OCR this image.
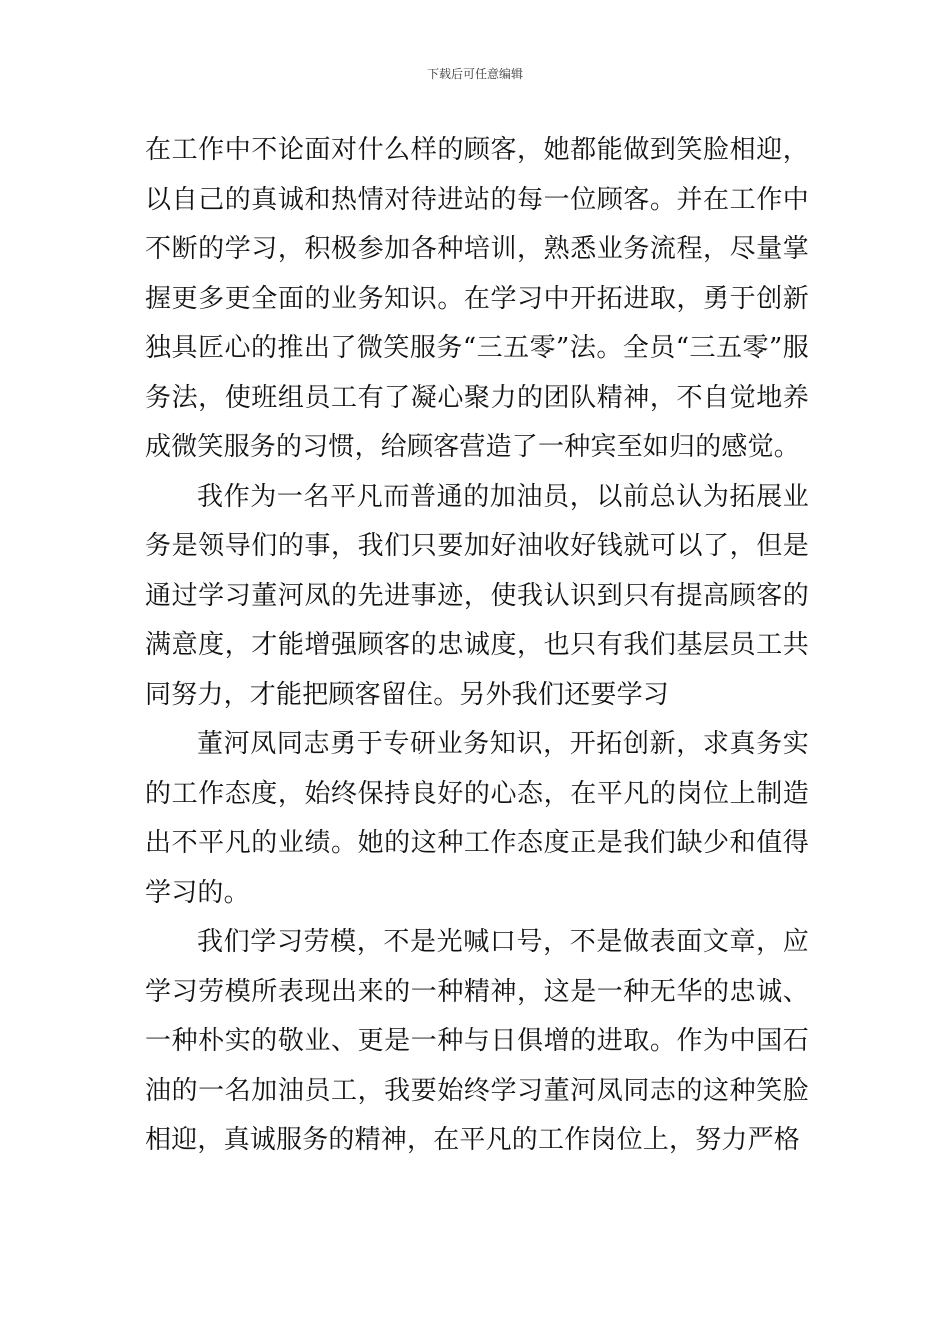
下载后可任意编辑

在工作中不论面对什么样的顾客，她都能做到笑脸相迎，以自己的真诚和热情对待进站的每一位顾客。并在工作中不断的学习，积极参加各种培训，熟悉业务流程，尽量掌握更多更全面的业务知识。在学习中开拓进取，勇于创新独具匠心的推出了微笑服务“三五零”法。全员“三五零”服务法，使班组员工有了凝心聚力的团队精神，不自觉地养成微笑服务的习惯，给顾客营造了一种宾至如归的感觉。

我作为一名平凡而普通的加油员，以前总认为拓展业务是领导们的事，我们只要加好油收好钱就可以了，但是通过学习董河凤的先进事迹，使我认识到只有提高顾客的满意度，才能增强顾客的忠诚度，也只有我们基层员工共同努力，才能把顾客留住。另外我们还要学习

董河凤同志勇于专研业务知识，开拓创新，求真务实的工作态度，始终保持良好的心态，在平凡的岗位上制造出不平凡的业绩。她的这种工作态度正是我们缺少和值得学习的。

我们学习劳模，不是光喊口号，不是做表面文章，应学习劳模所表现出来的一种精神，这是一种无华的忠诚、一种朴实的敬业、更是一种与日俱增的进取。作为中国石油的一名加油员工，我要始终学习董河凤同志的这种笑脸相迎，真诚服务的精神，在平凡的工作岗位上，努力严格
